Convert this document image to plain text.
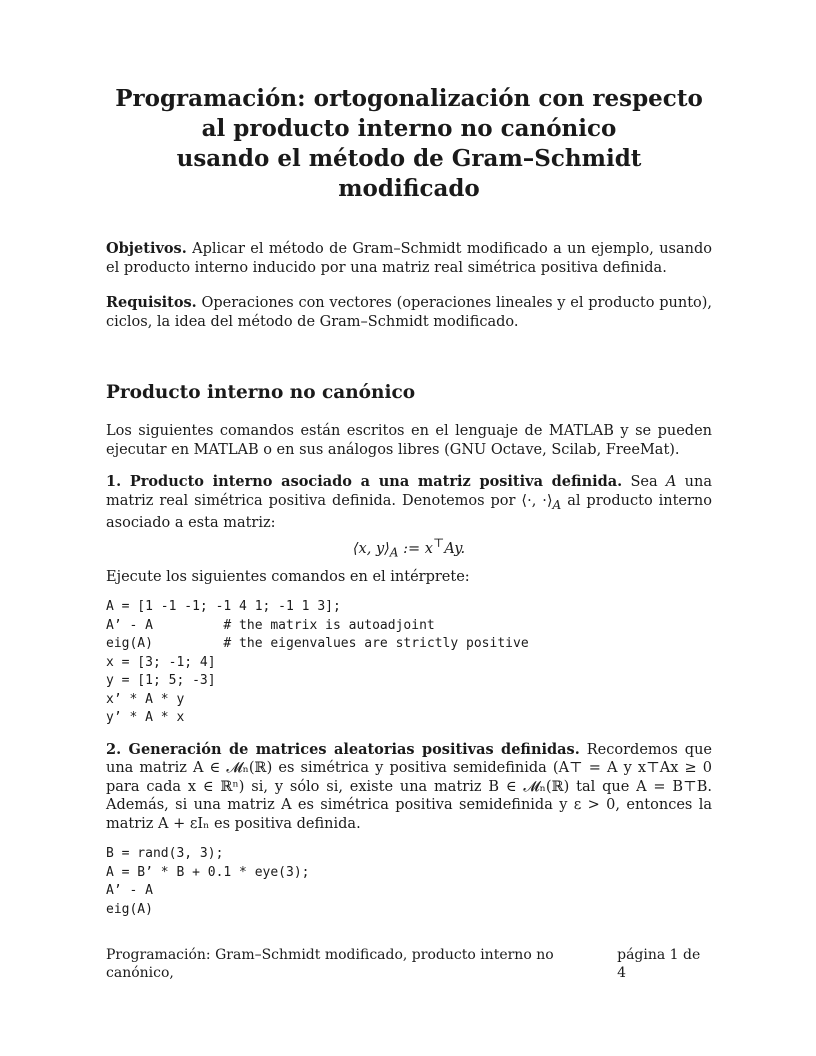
Programación: ortogonalización con respecto

al producto interno no canónico

usando el método de Gram–Schmidt modificado

Objetivos. Aplicar el método de Gram–Schmidt modificado a un ejemplo, usando el producto interno inducido por una matriz real simétrica positiva definida.

Requisitos. Operaciones con vectores (operaciones lineales y el producto punto), ciclos, la idea del método de Gram–Schmidt modificado.

Producto interno no canónico

Los siguientes comandos están escritos en el lenguaje de MATLAB y se pueden ejecutar en MATLAB o en sus análogos libres (GNU Octave, Scilab, FreeMat).

1. Producto interno asociado a una matriz positiva definida. Sea A una matriz real simétrica positiva definida. Denotemos por ⟨·, $\cdot⟩_A$ al producto interno asociado a esta matriz:

⟨x, $y⟩_A$ := x⊤Ay.

Ejecute los siguientes comandos en el intérprete:

A = [1 -1 -1; -1 4 1; -1 1 3];
A’ - A         # the matrix is autoadjoint
eig(A)         # the eigenvalues are strictly positive
x = [3; -1; 4]
y = [1; 5; -3]
x’ * A * y
y’ * A * x

2. Generación de matrices aleatorias positivas definidas. Recordemos que una matriz A ∈ 𝓜ₙ(ℝ) es simétrica y positiva semidefinida (A⊤ = A y x⊤Ax ≥ 0 para cada x ∈ ℝⁿ) si, y sólo si, existe una matriz B ∈ 𝓜ₙ(ℝ) tal que A = B⊤B. Además, si una matriz A es simétrica positiva semidefinida y ε > 0, entonces la matriz A + εIₙ es positiva definida.

B = rand(3, 3);
A = B’ * B + 0.1 * eye(3);
A’ - A
eig(A)
Programación: Gram–Schmidt modificado, producto interno no canónico,
página 1 de 4
